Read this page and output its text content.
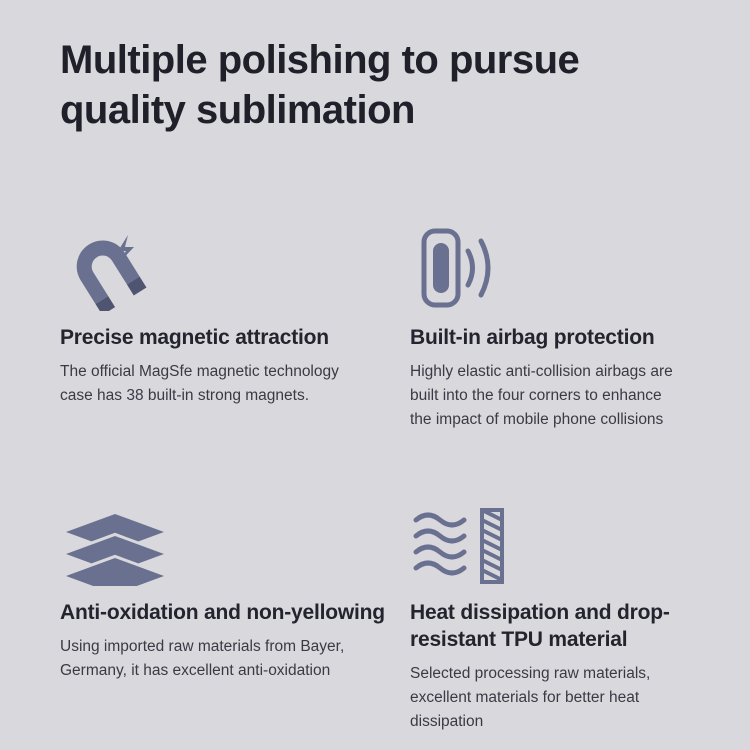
Multiple polishing to pursue quality sublimation
Precise magnetic attraction

The official MagSfe magnetic technology case has 38 built-in strong magnets.

Built-in airbag protection

Highly elastic anti-collision airbags are built into the four corners to enhance the impact of mobile phone collisions

Anti-oxidation and non-yellowing

Using imported raw materials from Bayer, Germany, it has excellent anti-oxidation

Heat dissipation and drop-resistant TPU material

Selected processing raw materials, excellent materials for better heat dissipation
